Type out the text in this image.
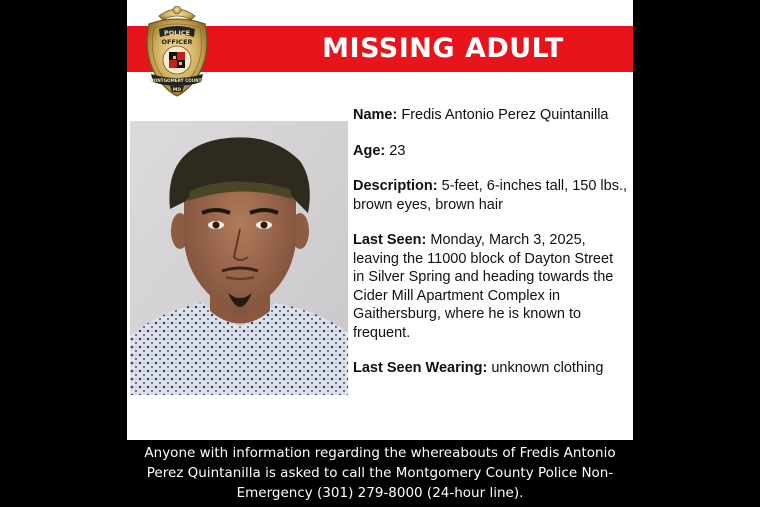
MISSING ADULT
POLICE
OFFICER
MONTGOMERY COUNTY
MD

Name: Fredis Antonio Perez Quintanilla

Age: 23

Description: 5-feet, 6-inches tall, 150 lbs., brown eyes, brown hair

Last Seen: Monday, March 3, 2025, leaving the 11000 block of Dayton Street in Silver Spring and heading towards the Cider Mill Apartment Complex in Gaithersburg, where he is known to frequent.

Last Seen Wearing: unknown clothing

Anyone with information regarding the whereabouts of Fredis Antonio Perez Quintanilla is asked to call the Montgomery County Police Non-Emergency (301) 279-8000 (24-hour line).
